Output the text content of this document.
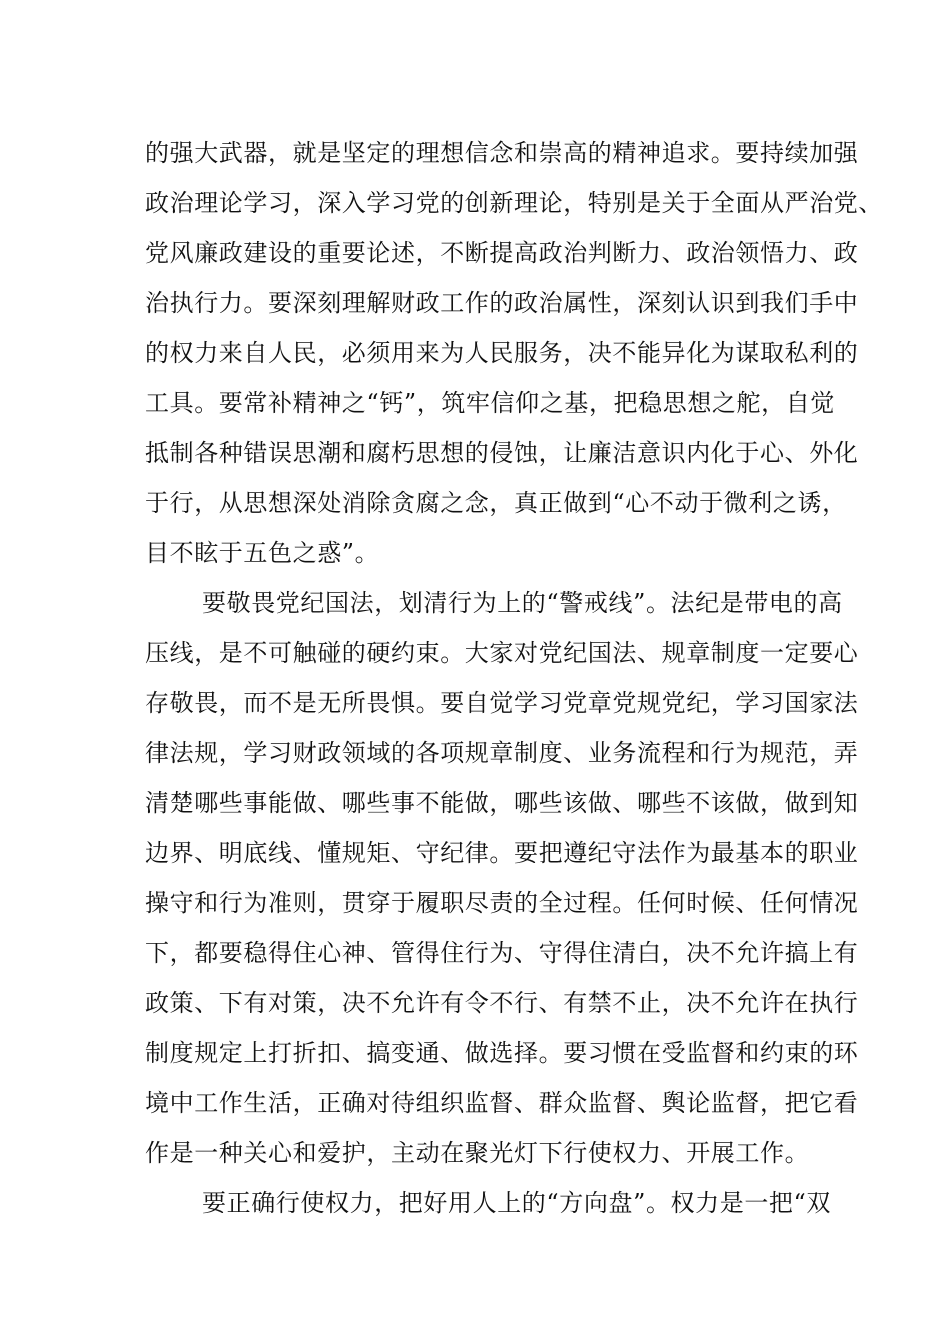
的强大武器，就是坚定的理想信念和崇高的精神追求。要持续加强
政治理论学习，深入学习党的创新理论，特别是关于全面从严治党、
党风廉政建设的重要论述，不断提高政治判断力、政治领悟力、政
治执行力。要深刻理解财政工作的政治属性，深刻认识到我们手中
的权力来自人民，必须用来为人民服务，决不能异化为谋取私利的
工具。要常补精神之“钙”，筑牢信仰之基，把稳思想之舵，自觉
抵制各种错误思潮和腐朽思想的侵蚀，让廉洁意识内化于心、外化
于行，从思想深处消除贪腐之念，真正做到“心不动于微利之诱，
目不眩于五色之惑”。
要敬畏党纪国法，划清行为上的“警戒线”。法纪是带电的高
压线，是不可触碰的硬约束。大家对党纪国法、规章制度一定要心
存敬畏，而不是无所畏惧。要自觉学习党章党规党纪，学习国家法
律法规，学习财政领域的各项规章制度、业务流程和行为规范，弄
清楚哪些事能做、哪些事不能做，哪些该做、哪些不该做，做到知
边界、明底线、懂规矩、守纪律。要把遵纪守法作为最基本的职业
操守和行为准则，贯穿于履职尽责的全过程。任何时候、任何情况
下，都要稳得住心神、管得住行为、守得住清白，决不允许搞上有
政策、下有对策，决不允许有令不行、有禁不止，决不允许在执行
制度规定上打折扣、搞变通、做选择。要习惯在受监督和约束的环
境中工作生活，正确对待组织监督、群众监督、舆论监督，把它看
作是一种关心和爱护，主动在聚光灯下行使权力、开展工作。
要正确行使权力，把好用人上的“方向盘”。权力是一把“双
